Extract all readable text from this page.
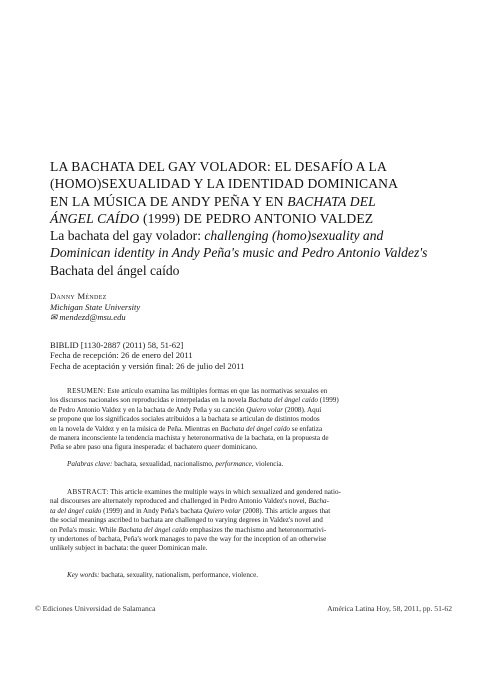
LA BACHATA DEL GAY VOLADOR: EL DESAFÍO A LA
(HOMO)SEXUALIDAD Y LA IDENTIDAD DOMINICANA
EN LA MÚSICA DE ANDY PEÑA Y EN BACHATA DEL
ÁNGEL CAÍDO (1999) DE PEDRO ANTONIO VALDEZ
La bachata del gay volador: challenging (homo)sexuality and
Dominican identity in Andy Peña's music and Pedro Antonio Valdez's
Bachata del ángel caído
Danny Méndez
Michigan State University
✉ mendezd@msu.edu
BIBLID [1130-2887 (2011) 58, 51-62]
Fecha de recepción: 26 de enero del 2011
Fecha de aceptación y versión final: 26 de julio del 2011
RESUMEN: Este artículo examina las múltiples formas en que las normativas sexuales en
los discursos nacionales son reproducidas e interpeladas en la novela Bachata del ángel caído (1999)
de Pedro Antonio Valdez y en la bachata de Andy Peña y su canción Quiero volar (2008). Aquí
se propone que los significados sociales atribuidos a la bachata se articulan de distintos modos
en la novela de Valdez y en la música de Peña. Mientras en Bachata del ángel caído se enfatiza
de manera inconsciente la tendencia machista y heteronormativa de la bachata, en la propuesta de
Peña se abre paso una figura inesperada: el bachatero queer dominicano.
Palabras clave: bachata, sexualidad, nacionalismo, performance, violencia.
ABSTRACT: This article examines the multiple ways in which sexualized and gendered natio-
nal discourses are alternately reproduced and challenged in Pedro Antonio Valdez's novel, Bacha-
ta del ángel caído (1999) and in Andy Peña's bachata Quiero volar (2008). This article argues that
the social meanings ascribed to bachata are challenged to varying degrees in Valdez's novel and
on Peña's music. While Bachata del ángel caído emphasizes the machismo and heteronormativi-
ty undertones of bachata, Peña's work manages to pave the way for the inception of an otherwise
unlikely subject in bachata: the queer Dominican male.
Key words: bachata, sexuality, nationalism, performance, violence.
© Ediciones Universidad de Salamanca	América Latina Hoy, 58, 2011, pp. 51-62
